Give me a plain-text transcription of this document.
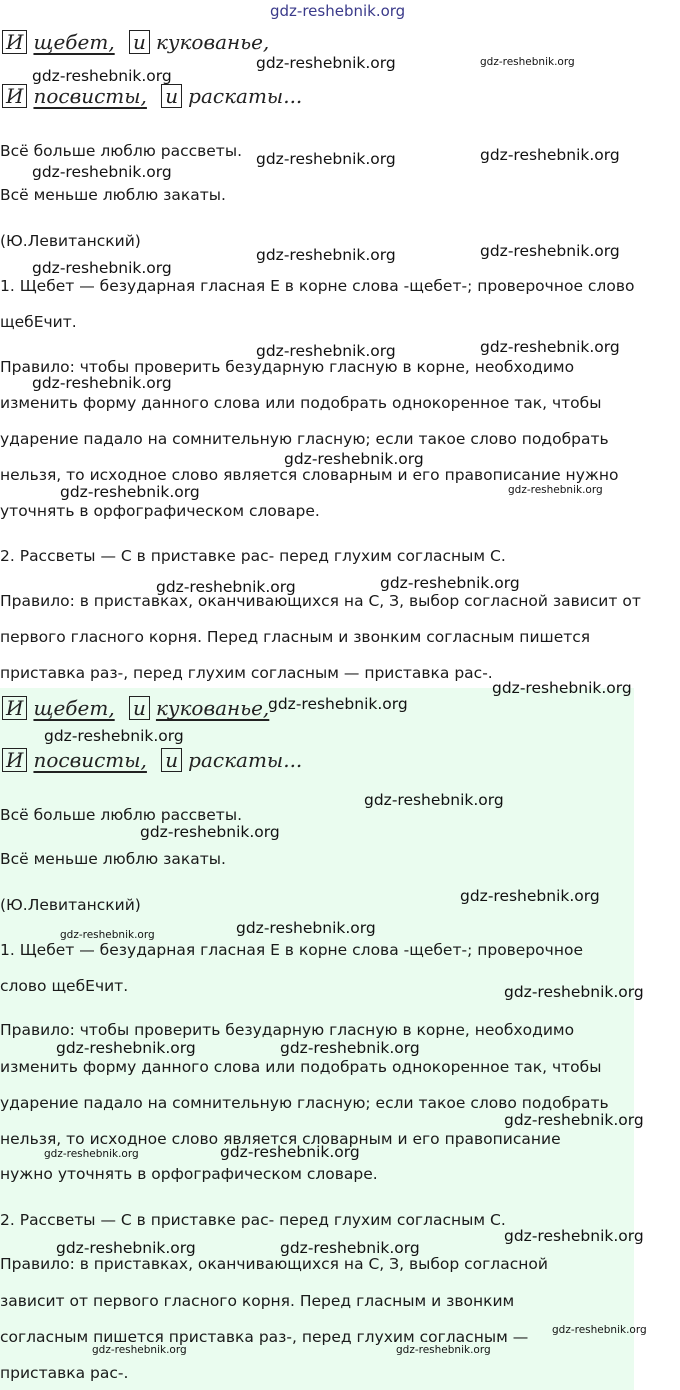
gdz-reshebnik.org
И щебет, и кукованье,
И посвисты, и раскаты...
Всё больше люблю рассветы.
Всё меньше люблю закаты.
(Ю.Левитанский)
1. Щебет — безударная гласная Е в корне слова -щебет-; проверочное слово
щебЕчит.
Правило: чтобы проверить безударную гласную в корне, необходимо
изменить форму данного слова или подобрать однокоренное так, чтобы
ударение падало на сомнительную гласную; если такое слово подобрать
нельзя, то исходное слово является словарным и его правописание нужно
уточнять в орфографическом словаре.
2. Рассветы — С в приставке рас- перед глухим согласным С.
Правило: в приставках, оканчивающихся на С, З, выбор согласной зависит от
первого гласного корня. Перед гласным и звонким согласным пишется
приставка раз-, перед глухим согласным — приставка рас-.
gdz-reshebnik.org
gdz-reshebnik.org	gdz-reshebnik.org
gdz-reshebnik.org	gdz-reshebnik.org
gdz-reshebnik.org
gdz-reshebnik.org	gdz-reshebnik.org
gdz-reshebnik.org
gdz-reshebnik.org	gdz-reshebnik.org
gdz-reshebnik.org
gdz-reshebnik.org
gdz-reshebnik.org	gdz-reshebnik.org
gdz-reshebnik.org	gdz-reshebnik.org
И щебет, и кукованье,
И посвисты, и раскаты...
Всё больше люблю рассветы.
Всё меньше люблю закаты.
(Ю.Левитанский)
1. Щебет — безударная гласная Е в корне слова -щебет-; проверочное
слово щебЕчит.
Правило: чтобы проверить безударную гласную в корне, необходимо
изменить форму данного слова или подобрать однокоренное так, чтобы
ударение падало на сомнительную гласную; если такое слово подобрать
нельзя, то исходное слово является словарным и его правописание
нужно уточнять в орфографическом словаре.
2. Рассветы — С в приставке рас- перед глухим согласным С.
Правило: в приставках, оканчивающихся на С, З, выбор согласной
зависит от первого гласного корня. Перед гласным и звонким
согласным пишется приставка раз-, перед глухим согласным —
приставка рас-.
gdz-reshebnik.org
gdz-reshebnik.org
gdz-reshebnik.org
gdz-reshebnik.org
gdz-reshebnik.org
gdz-reshebnik.org
gdz-reshebnik.org
gdz-reshebnik.org
gdz-reshebnik.org
gdz-reshebnik.org	gdz-reshebnik.org
gdz-reshebnik.org
gdz-reshebnik.org
gdz-reshebnik.org
gdz-reshebnik.org
gdz-reshebnik.org	gdz-reshebnik.org
gdz-reshebnik.org
gdz-reshebnik.org	gdz-reshebnik.org
